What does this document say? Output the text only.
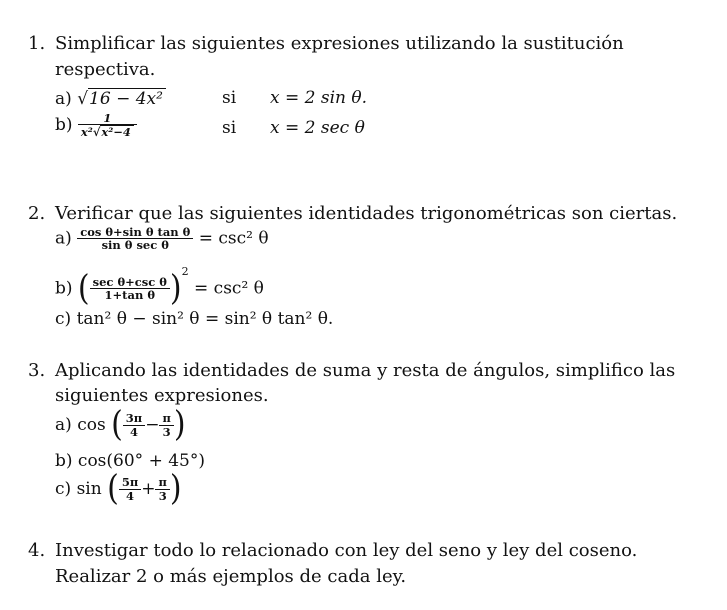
1. Simplificar las siguientes expresiones utilizando la sustitución
respectiva.
a) √16 − 4x²	si x = 2 sin θ.
$b) \frac{1}{\text{x²√x²−4}}$	si x = 2 sec θ
2. Verificar que las siguientes identidades trigonométricas son ciertas.
$a) \frac{\text{cos θ+sin θ tan θ}}{\text{sin θ sec θ}} = \csc^2$ θ
b) ( $\frac{\text{sec θ+csc θ}}{\text{1+tan θ}} )^2 = \csc^2$ θ
c) tan² θ − sin² θ = sin² θ tan² θ.
3. Aplicando las identidades de suma y resta de ángulos, simplifico las
siguientes expresiones.
a) cos ( $\frac{3\pi}{4} - \frac{\pi}{3}$ )
b) cos(60° + 45°)
c) sin ( $\frac{5\pi}{4} + \frac{\pi}{3}$ )
4. Investigar todo lo relacionado con ley del seno y ley del coseno.
Realizar 2 o más ejemplos de cada ley.
